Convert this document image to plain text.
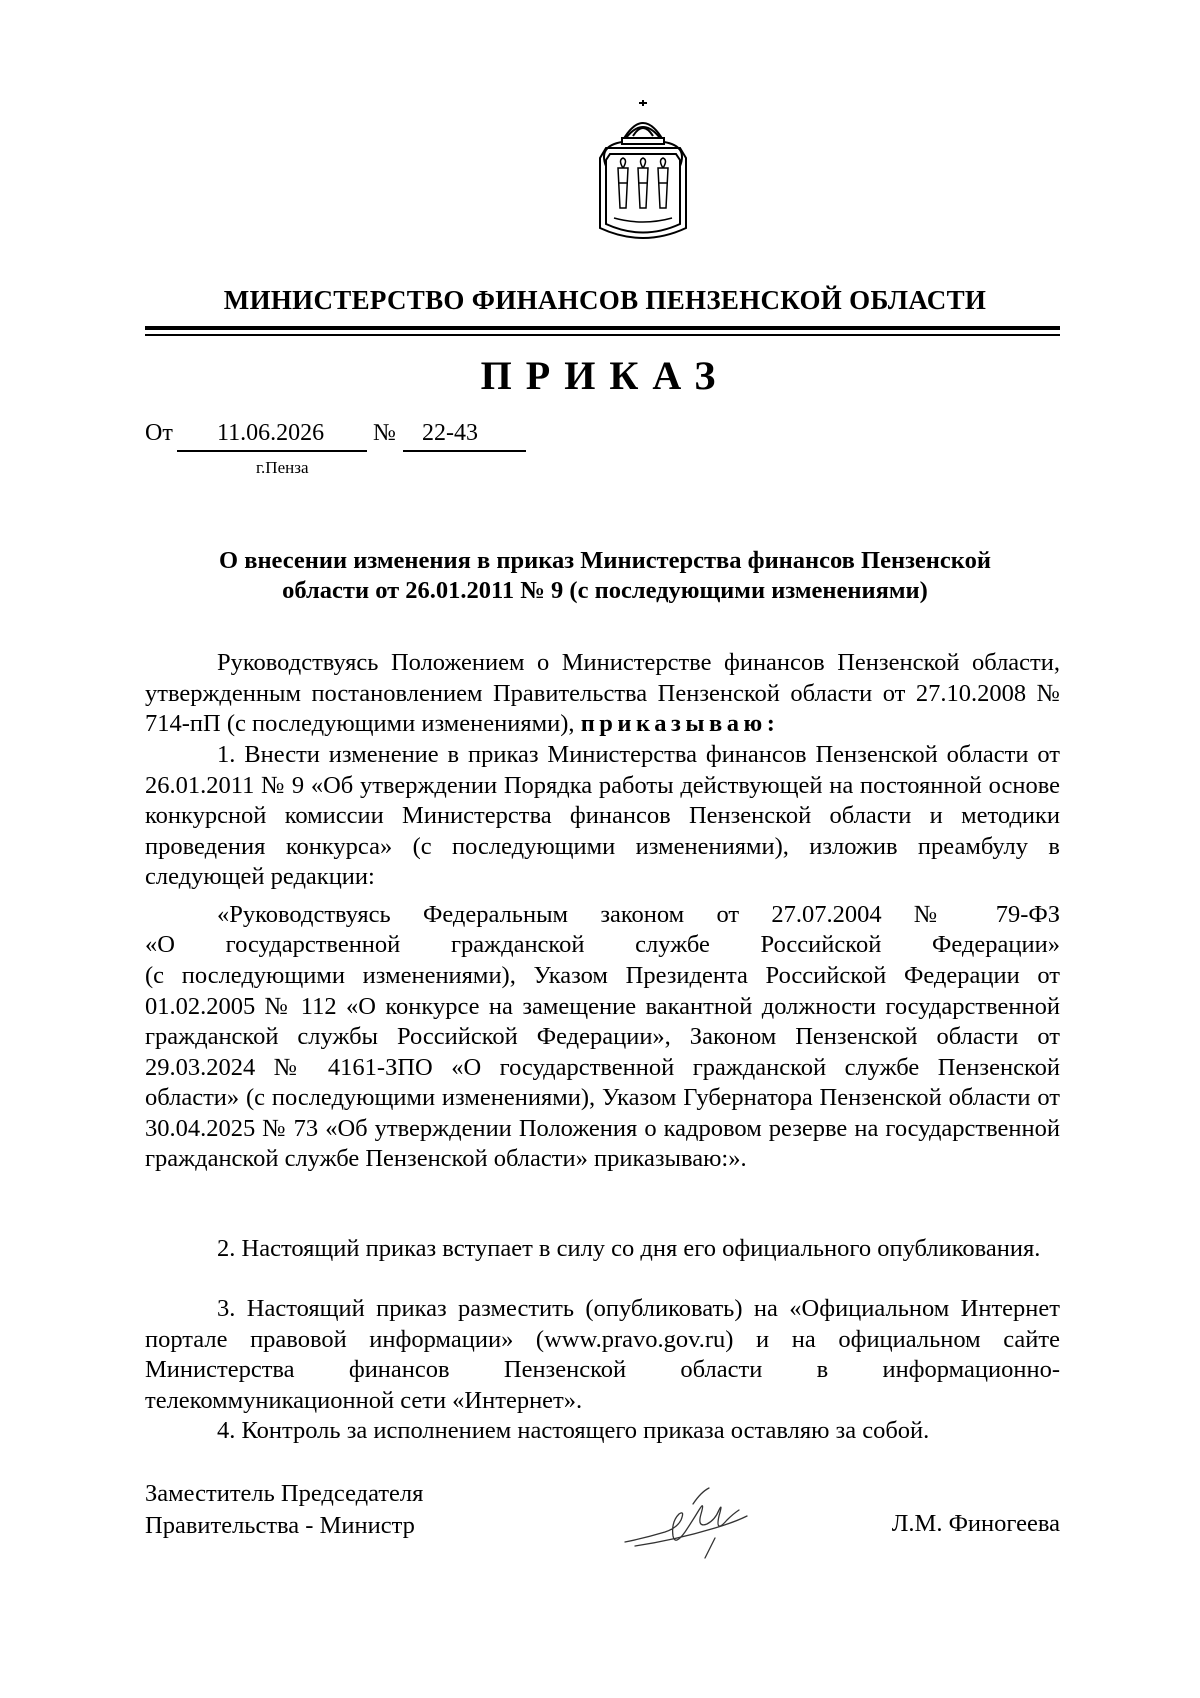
МИНИСТЕРСТВО ФИНАНСОВ ПЕНЗЕНСКОЙ ОБЛАСТИ
ПРИКАЗ
От 11.06.2026 № 22-43
г.Пенза
О внесении изменения в приказ Министерства финансов Пензенской
области от 26.01.2011 № 9 (с последующими изменениями)
Руководствуясь Положением о Министерстве финансов Пензенской области, утвержденным постановлением Правительства Пензенской области от 27.10.2008 № 714-пП (с последующими изменениями), приказываю:
1. Внести изменение в приказ Министерства финансов Пензенской области от 26.01.2011 № 9 «Об утверждении Порядка работы действующей на постоянной основе конкурсной комиссии Министерства финансов Пензенской области и методики проведения конкурса» (с последующими изменениями), изложив преамбулу в следующей редакции:
«Руководствуясь Федеральным законом от 27.07.2004 № 79-ФЗ
«О государственной гражданской службе Российской Федерации»
(с последующими изменениями), Указом Президента Российской Федерации от 01.02.2005 № 112 «О конкурсе на замещение вакантной должности государственной гражданской службы Российской Федерации», Законом Пензенской области от 29.03.2024 № 4161-ЗПО «О государственной гражданской службе Пензенской области» (с последующими изменениями), Указом Губернатора Пензенской области от 30.04.2025 № 73 «Об утверждении Положения о кадровом резерве на государственной гражданской службе Пензенской области» приказываю:».
2. Настоящий приказ вступает в силу со дня его официального опубликования.
3. Настоящий приказ разместить (опубликовать) на «Официальном Интернет портале правовой информации» (www.pravo.gov.ru) и на официальном сайте Министерства финансов Пензенской области в информационно-телекоммуникационной сети «Интернет».
4. Контроль за исполнением настоящего приказа оставляю за собой.
Заместитель Председателя
Правительства - Министр	Л.М. Финогеева
